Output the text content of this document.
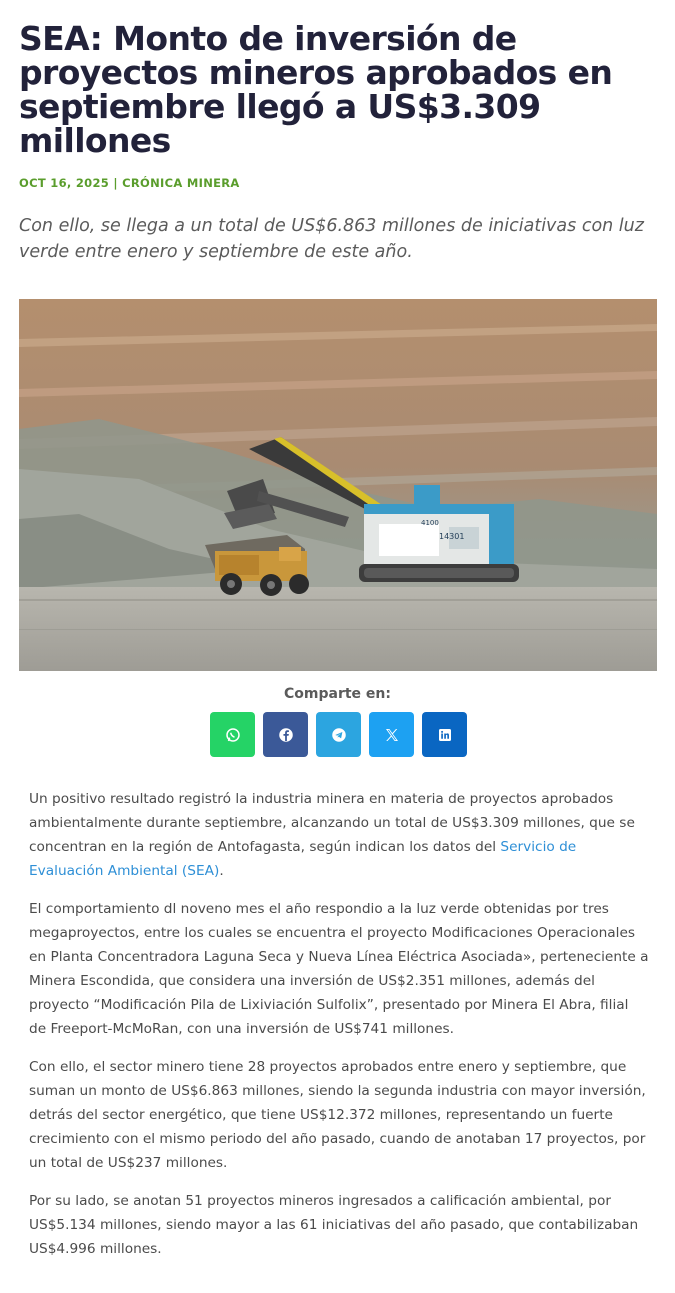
SEA: Monto de inversión de proyectos mineros aprobados en septiembre llegó a US$3.309 millones
OCT 16, 2025 | CRÓNICA MINERA

Con ello, se llega a un total de US$6.863 millones de iniciativas con luz verde entre enero y septiembre de este año.

14301
4100
Comparte en:

Un positivo resultado registró la industria minera en materia de proyectos aprobados ambientalmente durante septiembre, alcanzando un total de US$3.309 millones, que se concentran en la región de Antofagasta, según indican los datos del Servicio de Evaluación Ambiental (SEA).

El comportamiento dl noveno mes el año respondio a la luz verde obtenidas por tres megaproyectos, entre los cuales se encuentra el proyecto Modificaciones Operacionales en Planta Concentradora Laguna Seca y Nueva Línea Eléctrica Asociada», perteneciente a Minera Escondida, que considera una inversión de US$2.351 millones, además del proyecto “Modificación Pila de Lixiviación Sulfolix”, presentado por Minera El Abra, filial de Freeport-McMoRan, con una inversión de US$741 millones.

Con ello, el sector minero tiene 28 proyectos aprobados entre enero y septiembre, que suman un monto de US$6.863 millones, siendo la segunda industria con mayor inversión, detrás del sector energético, que tiene US$12.372 millones, representando un fuerte crecimiento con el mismo periodo del año pasado, cuando de anotaban 17 proyectos, por un total de US$237 millones.

Por su lado, se anotan 51 proyectos mineros ingresados a calificación ambiental, por US$5.134 millones, siendo mayor a las 61 iniciativas del año pasado, que contabilizaban US$4.996 millones.
